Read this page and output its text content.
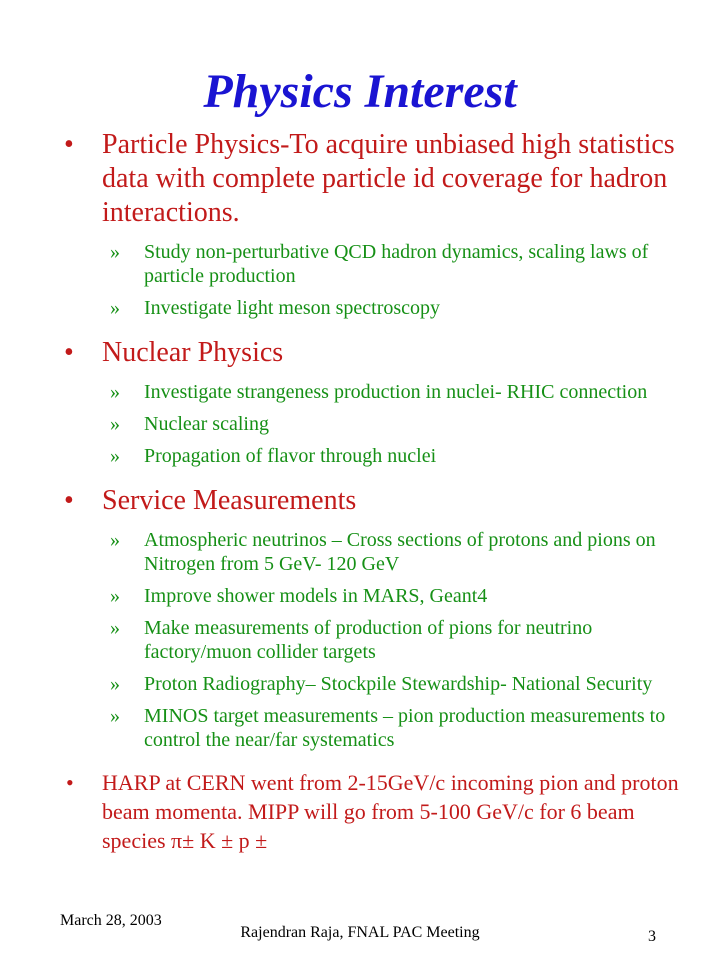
Physics Interest
• Particle Physics-To acquire unbiased high statistics data with complete particle id coverage for hadron interactions.
» Study non-perturbative QCD hadron dynamics, scaling laws of particle production
» Investigate light meson spectroscopy
• Nuclear Physics
» Investigate strangeness production in nuclei- RHIC connection
» Nuclear scaling
» Propagation of flavor through nuclei
• Service Measurements
» Atmospheric neutrinos – Cross sections of protons and pions on Nitrogen from 5 GeV- 120 GeV
» Improve shower models in MARS, Geant4
» Make measurements of production of pions for neutrino factory/muon collider targets
» Proton Radiography– Stockpile Stewardship- National Security
» MINOS target measurements – pion production measurements to control the near/far systematics
• HARP at CERN went from 2-15GeV/c incoming pion and proton beam momenta. MIPP will go from 5-100 GeV/c for 6 beam species π± K ± p ±
March 28, 2003
Rajendran Raja, FNAL PAC Meeting	3
